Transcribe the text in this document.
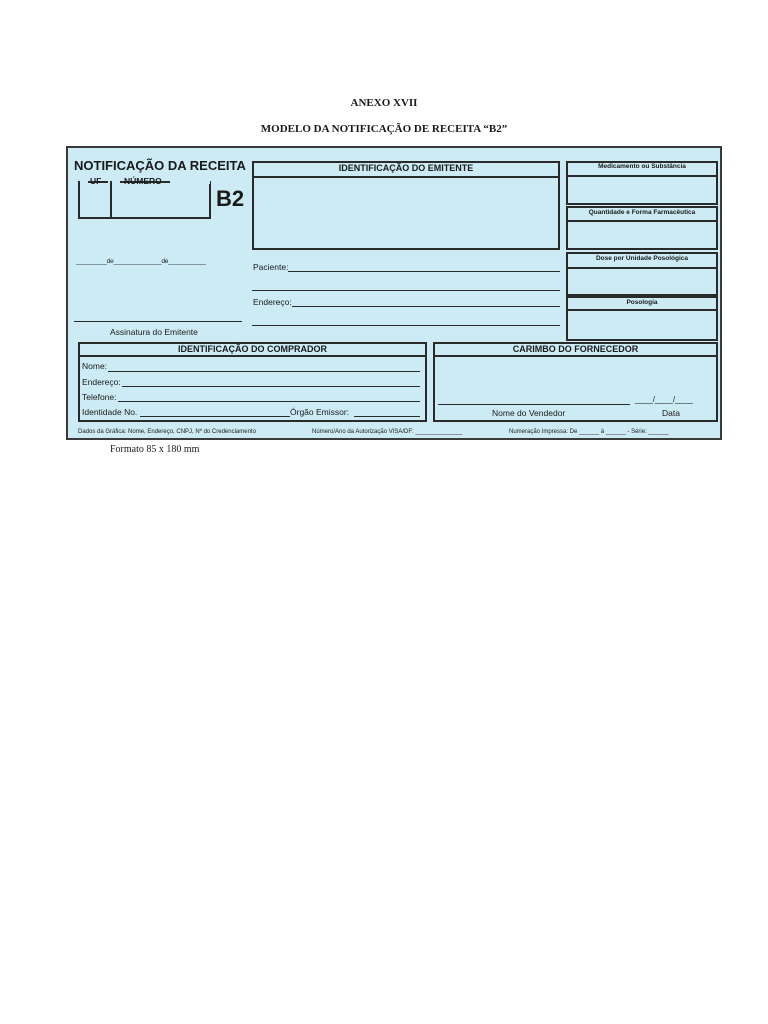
ANEXO XVII
MODELO DA NOTIFICAÇÃO DE RECEITA “B2”
NOTIFICAÇÃO DA RECEITA
UF	NÚMERO
B2
_________de______________de___________
Assinatura do Emitente
IDENTIFICAÇÃO DO EMITENTE
Paciente:
Endereço:
Medicamento ou Substância
Quantidade e Forma Farmacêutica
Dose por Unidade Posológica
Posologia
IDENTIFICAÇÃO DO COMPRADOR
Nome:
Endereço:
Telefone:
Identidade No.	Órgão Emissor:
CARIMBO DO FORNECEDOR
____/____/____
Nome do Vendedor	Data
Dados da Gráfica: Nome, Endereço, CNPJ, Nº do Credenciamento	Número/Ano da Autorização VISA/DF: ______________	Numeração Impressa: De ______ à ______ - Série: ______
Formato 85 x 180 mm
